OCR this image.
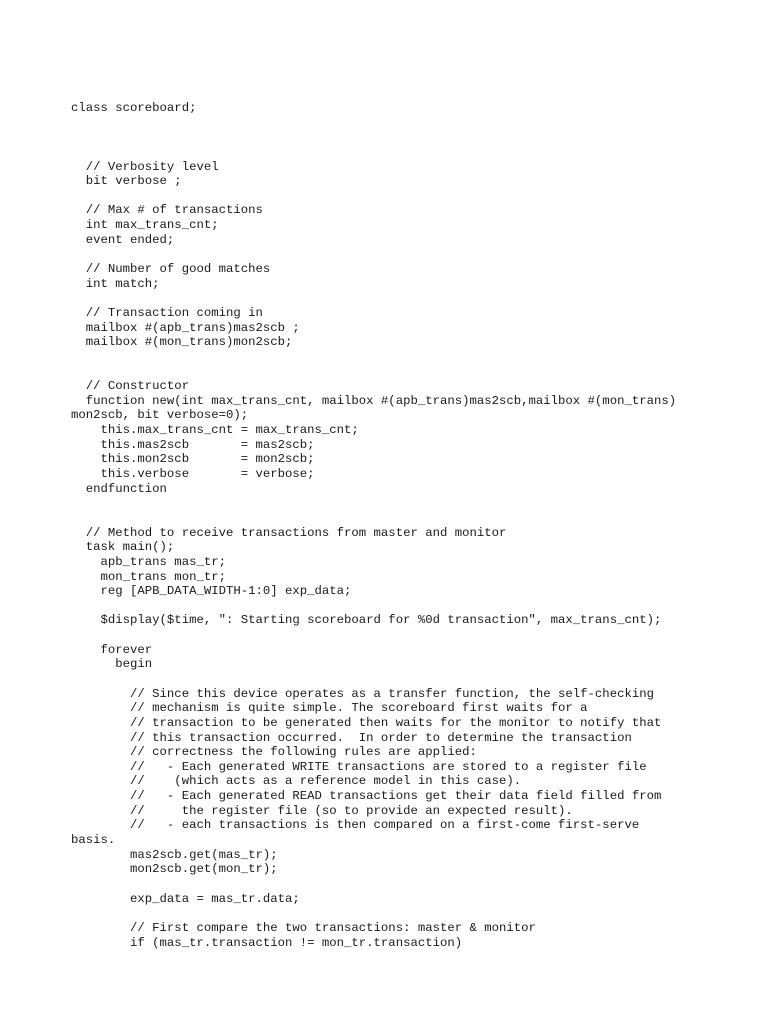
class scoreboard;
// Verbosity level
bit verbose ;
// Max # of transactions
int max_trans_cnt;
event ended;
// Number of good matches
int match;
// Transaction coming in
mailbox #(apb_trans)mas2scb ;
mailbox #(mon_trans)mon2scb;
// Constructor
function new(int max_trans_cnt, mailbox #(apb_trans)mas2scb,mailbox #(mon_trans)
mon2scb, bit verbose=0);
this.max_trans_cnt = max_trans_cnt;
this.mas2scb       = mas2scb;
this.mon2scb       = mon2scb;
this.verbose       = verbose;
endfunction
// Method to receive transactions from master and monitor
task main();
apb_trans mas_tr;
mon_trans mon_tr;
reg [APB_DATA_WIDTH-1:0] exp_data;
$display($time, ": Starting scoreboard for %0d transaction", max_trans_cnt);
forever
begin
// Since this device operates as a transfer function, the self-checking
// mechanism is quite simple. The scoreboard first waits for a
// transaction to be generated then waits for the monitor to notify that
// this transaction occurred.  In order to determine the transaction
// correctness the following rules are applied:
//   - Each generated WRITE transactions are stored to a register file
//    (which acts as a reference model in this case).
//   - Each generated READ transactions get their data field filled from
//     the register file (so to provide an expected result).
//   - each transactions is then compared on a first-come first-serve
basis.
mas2scb.get(mas_tr);
mon2scb.get(mon_tr);
exp_data = mas_tr.data;
// First compare the two transactions: master & monitor
if (mas_tr.transaction != mon_tr.transaction)
